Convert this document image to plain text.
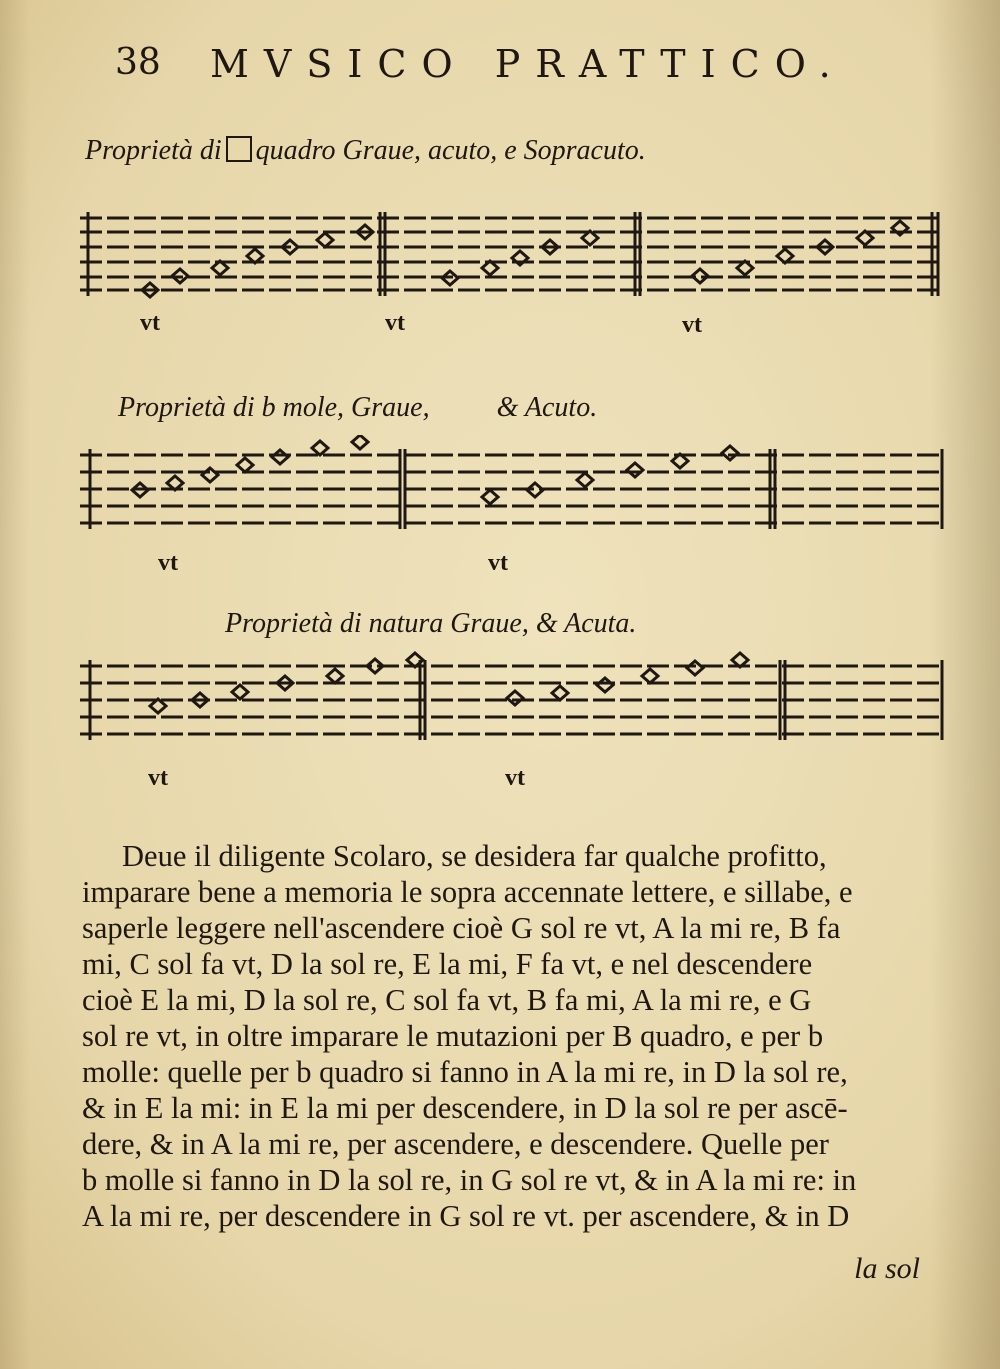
38 MVSICO PRATTICO.
Proprietà di quadro Graue, acuto, e Sopracuto.
vt	vt	vt
Proprietà di b mole, Graue, & Acuto.
vt	vt
Proprietà di natura Graue, & Acuta.
vt	vt

Deue il diligente Scolaro, se desidera far qualche profitto,
imparare bene a memoria le sopra accennate lettere, e sillabe, e
saperle leggere nell'ascendere cioè G sol re vt, A la mi re, B fa
mi, C sol fa vt, D la sol re, E la mi, F fa vt, e nel descendere
cioè E la mi, D la sol re, C sol fa vt, B fa mi, A la mi re, e G
sol re vt, in oltre imparare le mutazioni per B quadro, e per b
molle: quelle per b quadro si fanno in A la mi re, in D la sol re,
& in E la mi: in E la mi per descendere, in D la sol re per ascē-
dere, & in A la mi re, per ascendere, e descendere. Quelle per
b molle si fanno in D la sol re, in G sol re vt, & in A la mi re: in
A la mi re, per descendere in G sol re vt. per ascendere, & in D

la sol
